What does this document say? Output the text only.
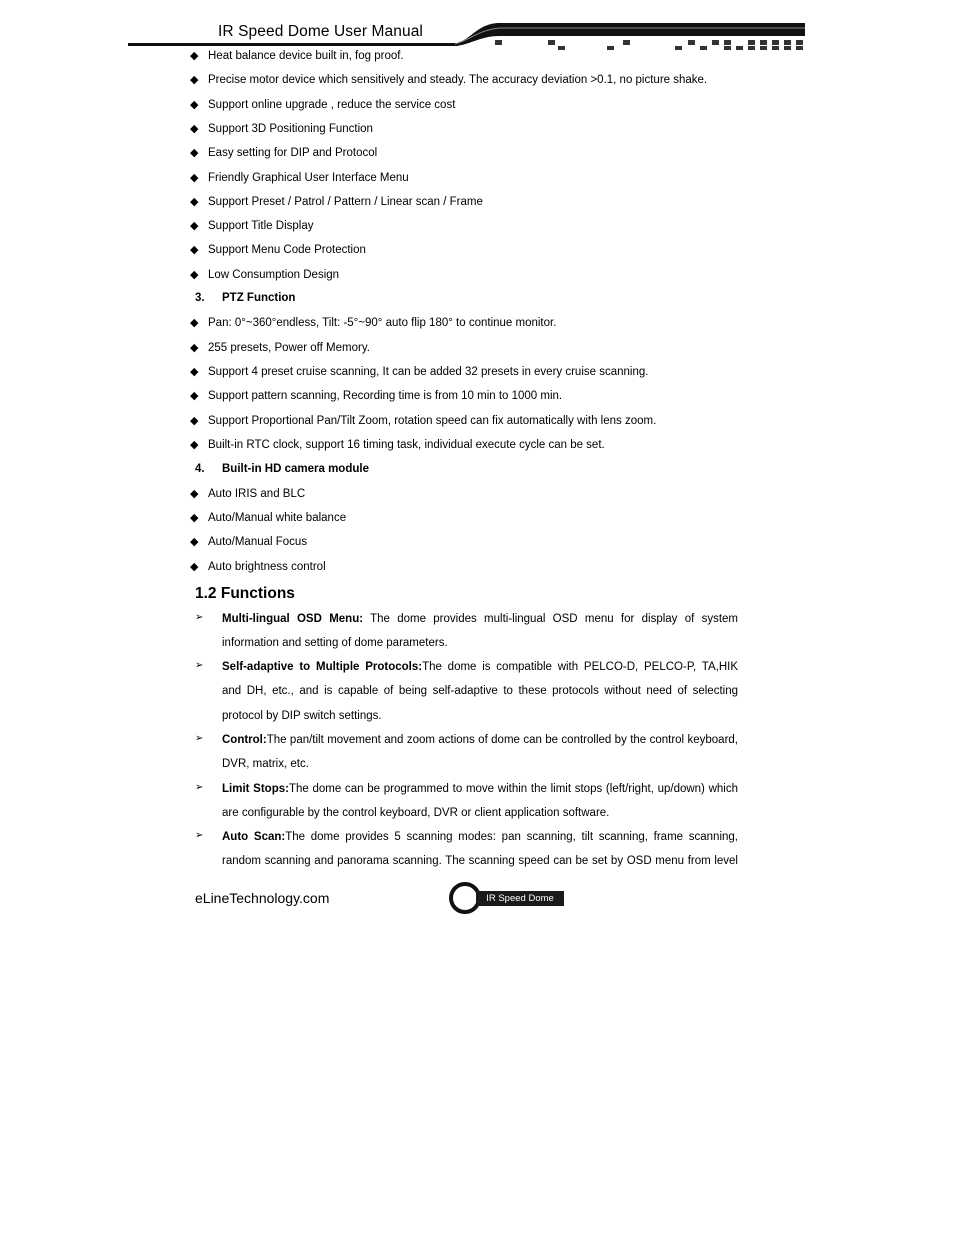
IR Speed Dome User Manual
◆ Heat balance device built in, fog proof.
◆ Precise motor device which sensitively and steady. The accuracy deviation >0.1, no picture shake.
◆ Support online upgrade , reduce the service cost
◆ Support 3D Positioning Function
◆ Easy setting for DIP and Protocol
◆ Friendly Graphical User Interface Menu
◆ Support Preset / Patrol / Pattern / Linear scan / Frame
◆ Support Title Display
◆ Support Menu Code Protection
◆ Low Consumption Design
3. PTZ Function
◆ Pan: 0°~360°endless, Tilt: -5°~90° auto flip 180° to continue monitor.
◆ 255 presets, Power off Memory.
◆ Support 4 preset cruise scanning, It can be added 32 presets in every cruise scanning.
◆ Support pattern scanning, Recording time is from 10 min to 1000 min.
◆ Support Proportional Pan/Tilt Zoom, rotation speed can fix automatically with lens zoom.
◆ Built-in RTC clock, support 16 timing task, individual execute cycle can be set.
4. Built-in HD camera module
◆ Auto IRIS and BLC
◆ Auto/Manual white balance
◆ Auto/Manual Focus
◆ Auto brightness control
1.2 Functions
➢ Multi-lingual OSD Menu: The dome provides multi-lingual OSD menu for display of system
information and setting of dome parameters.
➢ Self-adaptive to Multiple Protocols:The dome is compatible with PELCO-D, PELCO-P, TA,HIK
and DH, etc., and is capable of being self-adaptive to these protocols without need of selecting
protocol by DIP switch settings.
➢ Control:The pan/tilt movement and zoom actions of dome can be controlled by the control keyboard,
DVR, matrix, etc.
➢ Limit Stops:The dome can be programmed to move within the limit stops (left/right, up/down) which
are configurable by the control keyboard, DVR or client application software.
➢ Auto Scan:The dome provides 5 scanning modes: pan scanning, tilt scanning, frame scanning,
random scanning and panorama scanning. The scanning speed can be set by OSD menu from level
eLineTechnology.com	IR Speed Dome
